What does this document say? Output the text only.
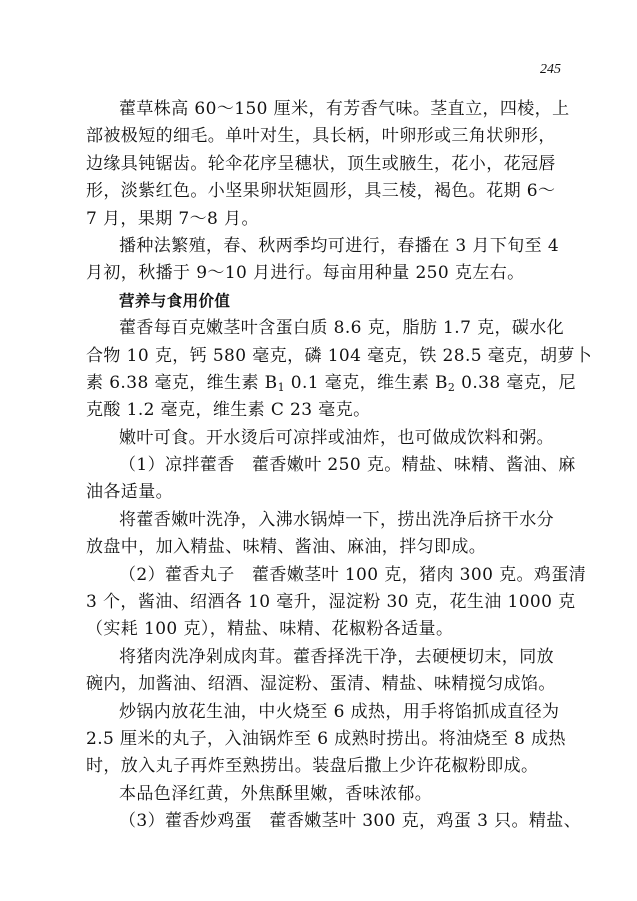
245
藿草株高 60～150 厘米，有芳香气味。茎直立，四棱，上
部被极短的细毛。单叶对生，具长柄，叶卵形或三角状卵形，
边缘具钝锯齿。轮伞花序呈穗状，顶生或腋生，花小，花冠唇
形，淡紫红色。小坚果卵状矩圆形，具三棱，褐色。花期 6～
7 月，果期 7～8 月。
播种法繁殖，春、秋两季均可进行，春播在 3 月下旬至 4
月初，秋播于 9～10 月进行。每亩用种量 250 克左右。
营养与食用价值
藿香每百克嫩茎叶含蛋白质 8.6 克，脂肪 1.7 克，碳水化
合物 10 克，钙 580 毫克，磷 104 毫克，铁 28.5 毫克，胡萝卜
素 6.38 毫克，维生素 $B_1$ 0.1 毫克，维生素 $B_2$ 0.38 毫克，尼
克酸 1.2 毫克，维生素 C 23 毫克。
嫩叶可食。开水烫后可凉拌或油炸，也可做成饮料和粥。
（1）凉拌藿香　藿香嫩叶 250 克。精盐、味精、酱油、麻
油各适量。
将藿香嫩叶洗净，入沸水锅焯一下，捞出洗净后挤干水分
放盘中，加入精盐、味精、酱油、麻油，拌匀即成。
（2）藿香丸子　藿香嫩茎叶 100 克，猪肉 300 克。鸡蛋清
3 个，酱油、绍酒各 10 毫升，湿淀粉 30 克，花生油 1000 克
（实耗 100 克），精盐、味精、花椒粉各适量。
将猪肉洗净剁成肉茸。藿香择洗干净，去硬梗切末，同放
碗内，加酱油、绍酒、湿淀粉、蛋清、精盐、味精搅匀成馅。
炒锅内放花生油，中火烧至 6 成热，用手将馅抓成直径为
2.5 厘米的丸子，入油锅炸至 6 成熟时捞出。将油烧至 8 成热
时，放入丸子再炸至熟捞出。装盘后撒上少许花椒粉即成。
本品色泽红黄，外焦酥里嫩，香味浓郁。
（3）藿香炒鸡蛋　藿香嫩茎叶 300 克，鸡蛋 3 只。精盐、
